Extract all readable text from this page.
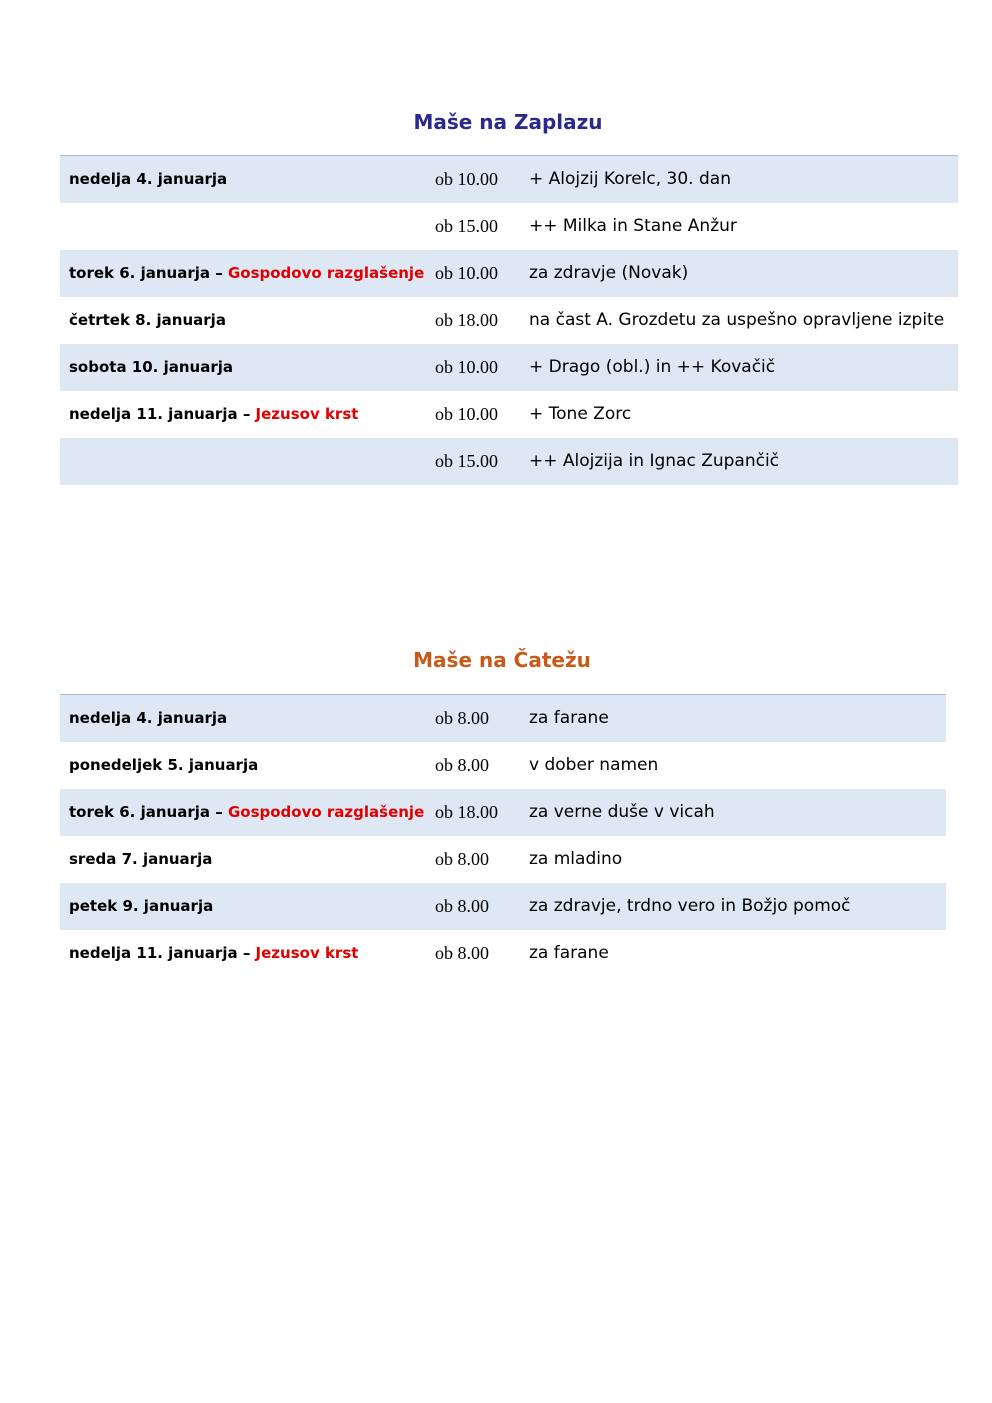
Maše na Zaplazu
nedelja 4. januarja	ob 10.00	+ Alojzij Korelc, 30. dan
	ob 15.00	++ Milka in Stane Anžur
torek 6. januarja – Gospodovo razglašenje	ob 10.00	za zdravje (Novak)
četrtek 8. januarja	ob 18.00	na čast A. Grozdetu za uspešno opravljene izpite
sobota 10. januarja	ob 10.00	+ Drago (obl.) in ++ Kovačič
nedelja 11. januarja – Jezusov krst	ob 10.00	+ Tone Zorc
	ob 15.00	++ Alojzija in Ignac Zupančič
Maše na Čatežu
nedelja 4. januarja	ob 8.00	za farane
ponedeljek 5. januarja	ob 8.00	v dober namen
torek 6. januarja – Gospodovo razglašenje	ob 18.00	za verne duše v vicah
sreda 7. januarja	ob 8.00	za mladino
petek 9. januarja	ob 8.00	za zdravje, trdno vero in Božjo pomoč
nedelja 11. januarja – Jezusov krst	ob 8.00	za farane
